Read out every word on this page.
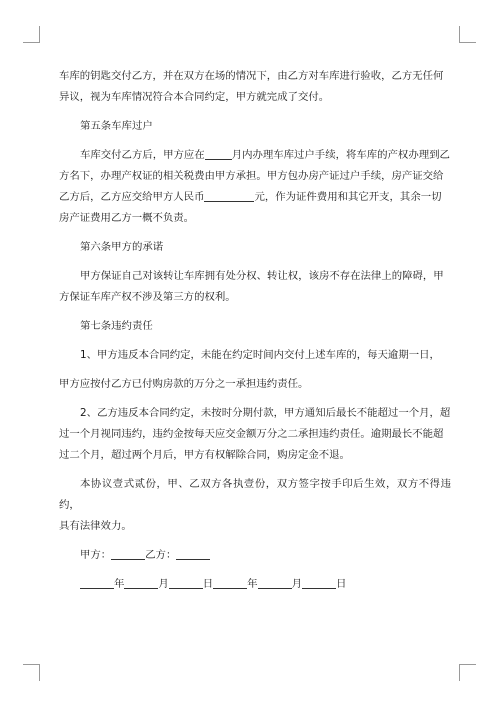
车库的钥匙交付乙方，并在双方在场的情况下，由乙方对车库进行验收，乙方无任何

异议，视为车库情况符合本合同约定，甲方就完成了交付。

第五条车库过户

车库交付乙方后，甲方应在	月内办理车库过户手续，将车库的产权办理到乙

方名下，办理产权证的相关税费由甲方承担。甲方包办房产证过户手续，房产证交给

乙方后，乙方应交给甲方人民币	元，作为证件费用和其它开支，其余一切

房产证费用乙方一概不负责。

第六条甲方的承诺

甲方保证自己对该转让车库拥有处分权、转让权，该房不存在法律上的障碍，甲

方保证车库产权不涉及第三方的权利。

第七条违约责任

1、甲方违反本合同约定，未能在约定时间内交付上述车库的，每天逾期一日，

甲方应按付乙方已付购房款的万分之一承担违约责任。

2、乙方违反本合同约定，未按时分期付款，甲方通知后最长不能超过一个月，超

过一个月视同违约，违约金按每天应交金额万分之二承担违约责任。逾期最长不能超

过二个月，超过两个月后，甲方有权解除合同，购房定金不退。

本协议壹式贰份，甲、乙双方各执壹份，双方签字按手印后生效，双方不得违约，

具有法律效力。

甲方：	乙方：

年	月	日	年	月	日
